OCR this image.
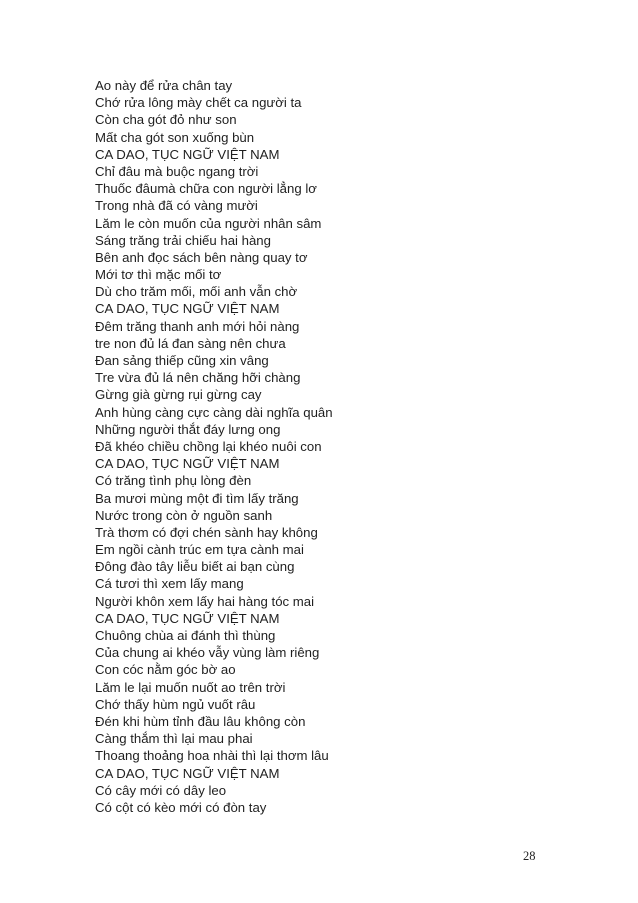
Ao này để rửa chân tay
Chớ rửa lông mày chết ca người ta
Còn cha gót đỏ như son
Mất cha gót son xuống bùn
CA DAO, TỤC NGỮ VIỆT NAM
Chỉ đâu mà buộc ngang trời
Thuốc đâumà chữa con người lẳng lơ
Trong nhà đã có vàng mười
Lăm le còn muốn của người nhân sâm
Sáng trăng trải chiếu hai hàng
Bên anh đọc sách bên nàng quay tơ
Mới tơ thì mặc mối tơ
Dù cho trăm mối, mối anh vẫn chờ
CA DAO, TỤC NGỮ VIỆT NAM
Đêm trăng thanh anh mới hỏi nàng
tre non đủ lá đan sàng nên chưa
Đan sảng thiếp cũng xin vâng
Tre vừa đủ lá nên chăng hỡi chàng
Gừng già gừng rụi gừng cay
Anh hùng càng cực càng dài nghĩa quân
Những người thắt đáy lưng ong
Đã khéo chiều chồng lại khéo nuôi con
CA DAO, TỤC NGỮ VIỆT NAM
Có trăng tình phụ lòng đèn
Ba mươi mùng một đi tìm lấy trăng
Nước trong còn ở nguồn sanh
Trà thơm có đợi chén sành hay không
Em ngồi cành trúc em tựa cành mai
Đông đào tây liễu biết ai bạn cùng
Cá tươi thì xem lấy mang
Người khôn xem lấy hai hàng tóc mai
CA DAO, TỤC NGỮ VIỆT NAM
Chuông chùa ai đánh thì thùng
Của chung ai khéo vẫy vùng làm riêng
Con cóc nằm góc bờ ao
Lăm le lại muốn nuốt ao trên trời
Chớ thấy hùm ngủ vuốt râu
Đén khi hùm tỉnh đầu lâu không còn
Càng thắm thì lại mau phai
Thoang thoảng hoa nhài thì lại thơm lâu
CA DAO, TỤC NGỮ VIỆT NAM
Có cây mới có dây leo
Có cột có kèo mới có đòn tay
28
